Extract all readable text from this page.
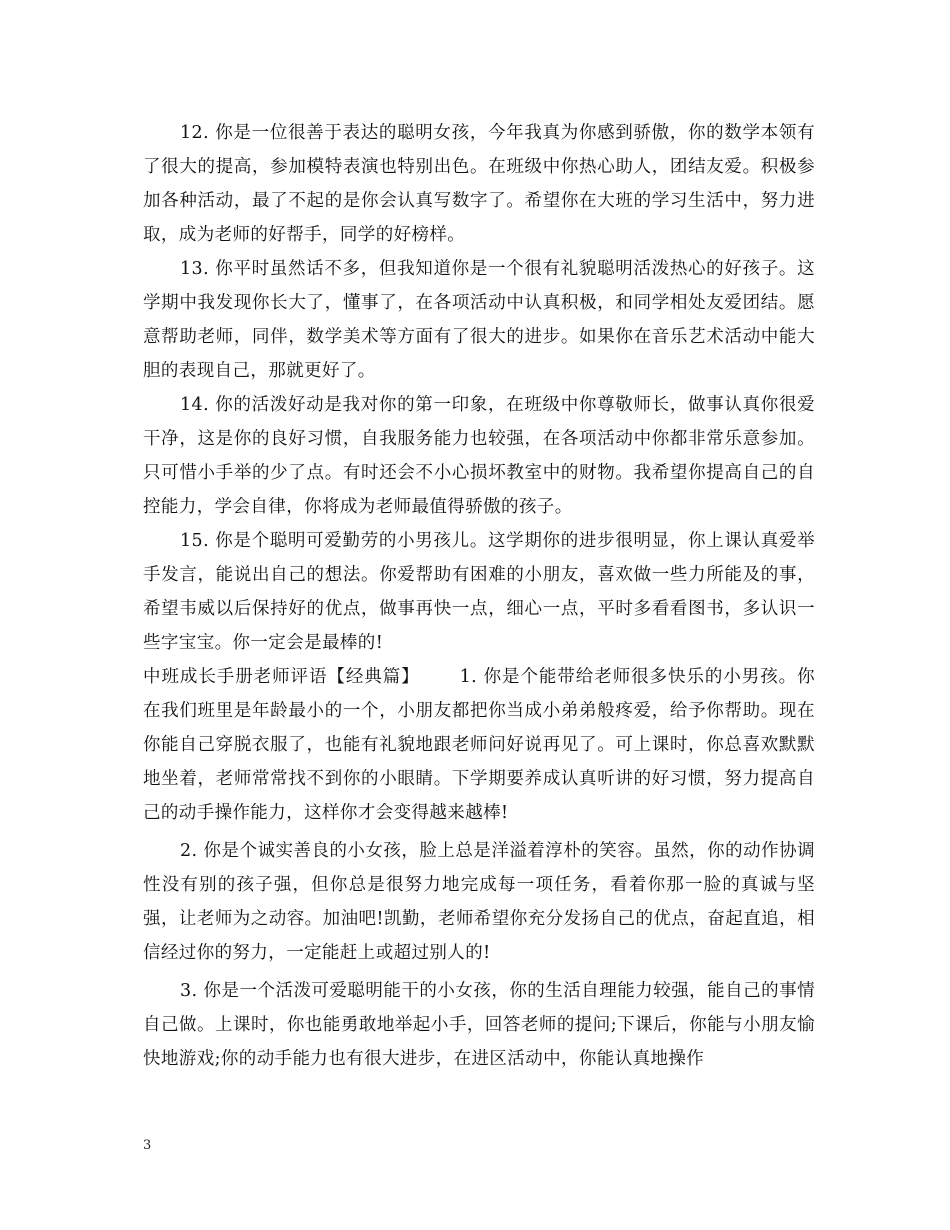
12. 你是一位很善于表达的聪明女孩，今年我真为你感到骄傲，你的数学本领有了很大的提高，参加模特表演也特别出色。在班级中你热心助人，团结友爱。积极参加各种活动，最了不起的是你会认真写数字了。希望你在大班的学习生活中，努力进取，成为老师的好帮手，同学的好榜样。

13. 你平时虽然话不多，但我知道你是一个很有礼貌聪明活泼热心的好孩子。这学期中我发现你长大了，懂事了，在各项活动中认真积极，和同学相处友爱团结。愿意帮助老师，同伴，数学美术等方面有了很大的进步。如果你在音乐艺术活动中能大胆的表现自己，那就更好了。

14. 你的活泼好动是我对你的第一印象，在班级中你尊敬师长，做事认真你很爱干净，这是你的良好习惯，自我服务能力也较强，在各项活动中你都非常乐意参加。只可惜小手举的少了点。有时还会不小心损坏教室中的财物。我希望你提高自己的自控能力，学会自律，你将成为老师最值得骄傲的孩子。

15. 你是个聪明可爱勤劳的小男孩儿。这学期你的进步很明显，你上课认真爱举手发言，能说出自己的想法。你爱帮助有困难的小朋友，喜欢做一些力所能及的事，希望韦威以后保持好的优点，做事再快一点，细心一点，平时多看看图书，多认识一些字宝宝。你一定会是最棒的!

中班成长手册老师评语【经典篇】 1. 你是个能带给老师很多快乐的小男孩。你在我们班里是年龄最小的一个，小朋友都把你当成小弟弟般疼爱，给予你帮助。现在你能自己穿脱衣服了，也能有礼貌地跟老师问好说再见了。可上课时，你总喜欢默默地坐着，老师常常找不到你的小眼睛。下学期要养成认真听讲的好习惯，努力提高自己的动手操作能力，这样你才会变得越来越棒!

2. 你是个诚实善良的小女孩，脸上总是洋溢着淳朴的笑容。虽然，你的动作协调性没有别的孩子强，但你总是很努力地完成每一项任务，看着你那一脸的真诚与坚强，让老师为之动容。加油吧!凯勤，老师希望你充分发扬自己的优点，奋起直追，相信经过你的努力，一定能赶上或超过别人的!

3. 你是一个活泼可爱聪明能干的小女孩，你的生活自理能力较强，能自己的事情自己做。上课时，你也能勇敢地举起小手，回答老师的提问;下课后，你能与小朋友愉快地游戏;你的动手能力也有很大进步，在进区活动中，你能认真地操作

3
